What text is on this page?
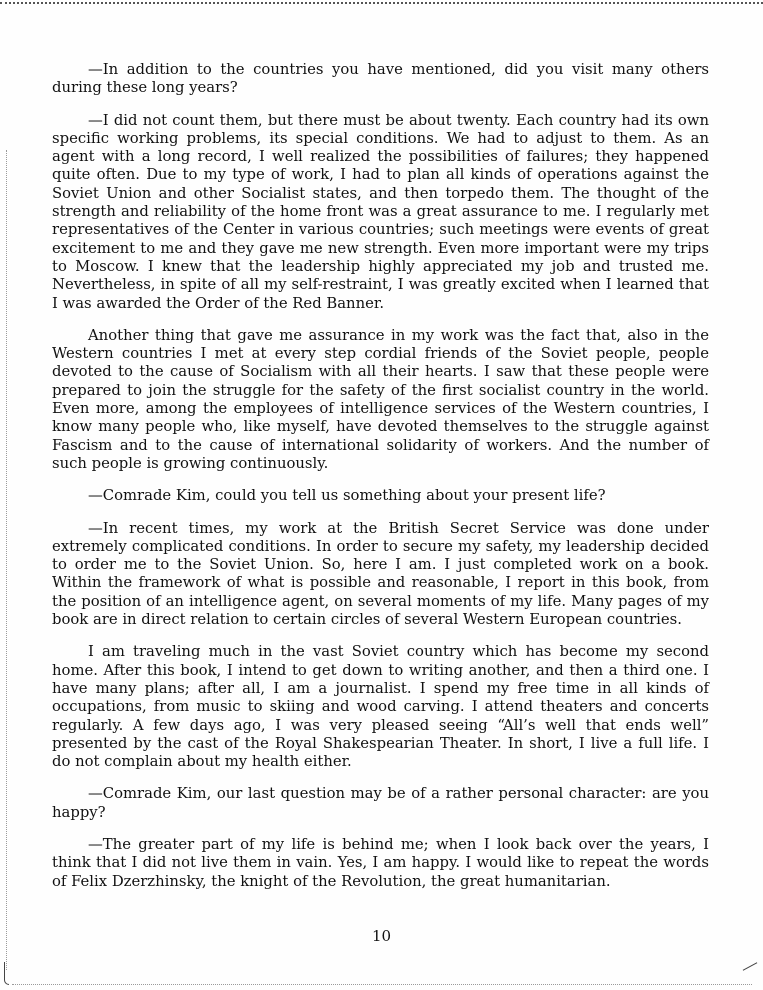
—In addition to the countries you have mentioned, did you visit many others during these long years?

—I did not count them, but there must be about twenty. Each country had its own specific working problems, its special conditions. We had to adjust to them. As an agent with a long record, I well realized the possibilities of failures; they happened quite often. Due to my type of work, I had to plan all kinds of operations against the Soviet Union and other Socialist states, and then torpedo them. The thought of the strength and reliability of the home front was a great assurance to me. I regularly met representatives of the Center in various countries; such meetings were events of great excitement to me and they gave me new strength. Even more important were my trips to Moscow. I knew that the leadership highly appreciated my job and trusted me. Nevertheless, in spite of all my self-restraint, I was greatly excited when I learned that I was awarded the Order of the Red Banner.

Another thing that gave me assurance in my work was the fact that, also in the Western countries I met at every step cordial friends of the Soviet people, people devoted to the cause of Socialism with all their hearts. I saw that these people were prepared to join the struggle for the safety of the first socialist country in the world. Even more, among the employees of intelligence services of the Western countries, I know many people who, like myself, have devoted themselves to the struggle against Fascism and to the cause of international solidarity of workers. And the number of such people is growing continuously.

—Comrade Kim, could you tell us something about your present life?

—In recent times, my work at the British Secret Service was done under extremely complicated conditions. In order to secure my safety, my leadership decided to order me to the Soviet Union. So, here I am. I just completed work on a book. Within the framework of what is possible and reasonable, I report in this book, from the position of an intelligence agent, on several moments of my life. Many pages of my book are in direct relation to certain circles of several Western European countries.

I am traveling much in the vast Soviet country which has become my second home. After this book, I intend to get down to writing another, and then a third one. I have many plans; after all, I am a journalist. I spend my free time in all kinds of occupations, from music to skiing and wood carving. I attend theaters and concerts regularly. A few days ago, I was very pleased seeing “All’s well that ends well” presented by the cast of the Royal Shakespearian Theater. In short, I live a full life. I do not complain about my health either.

—Comrade Kim, our last question may be of a rather personal character: are you happy?

—The greater part of my life is behind me; when I look back over the years, I think that I did not live them in vain. Yes, I am happy. I would like to repeat the words of Felix Dzerzhinsky, the knight of the Revolution, the great humanitarian.

10
